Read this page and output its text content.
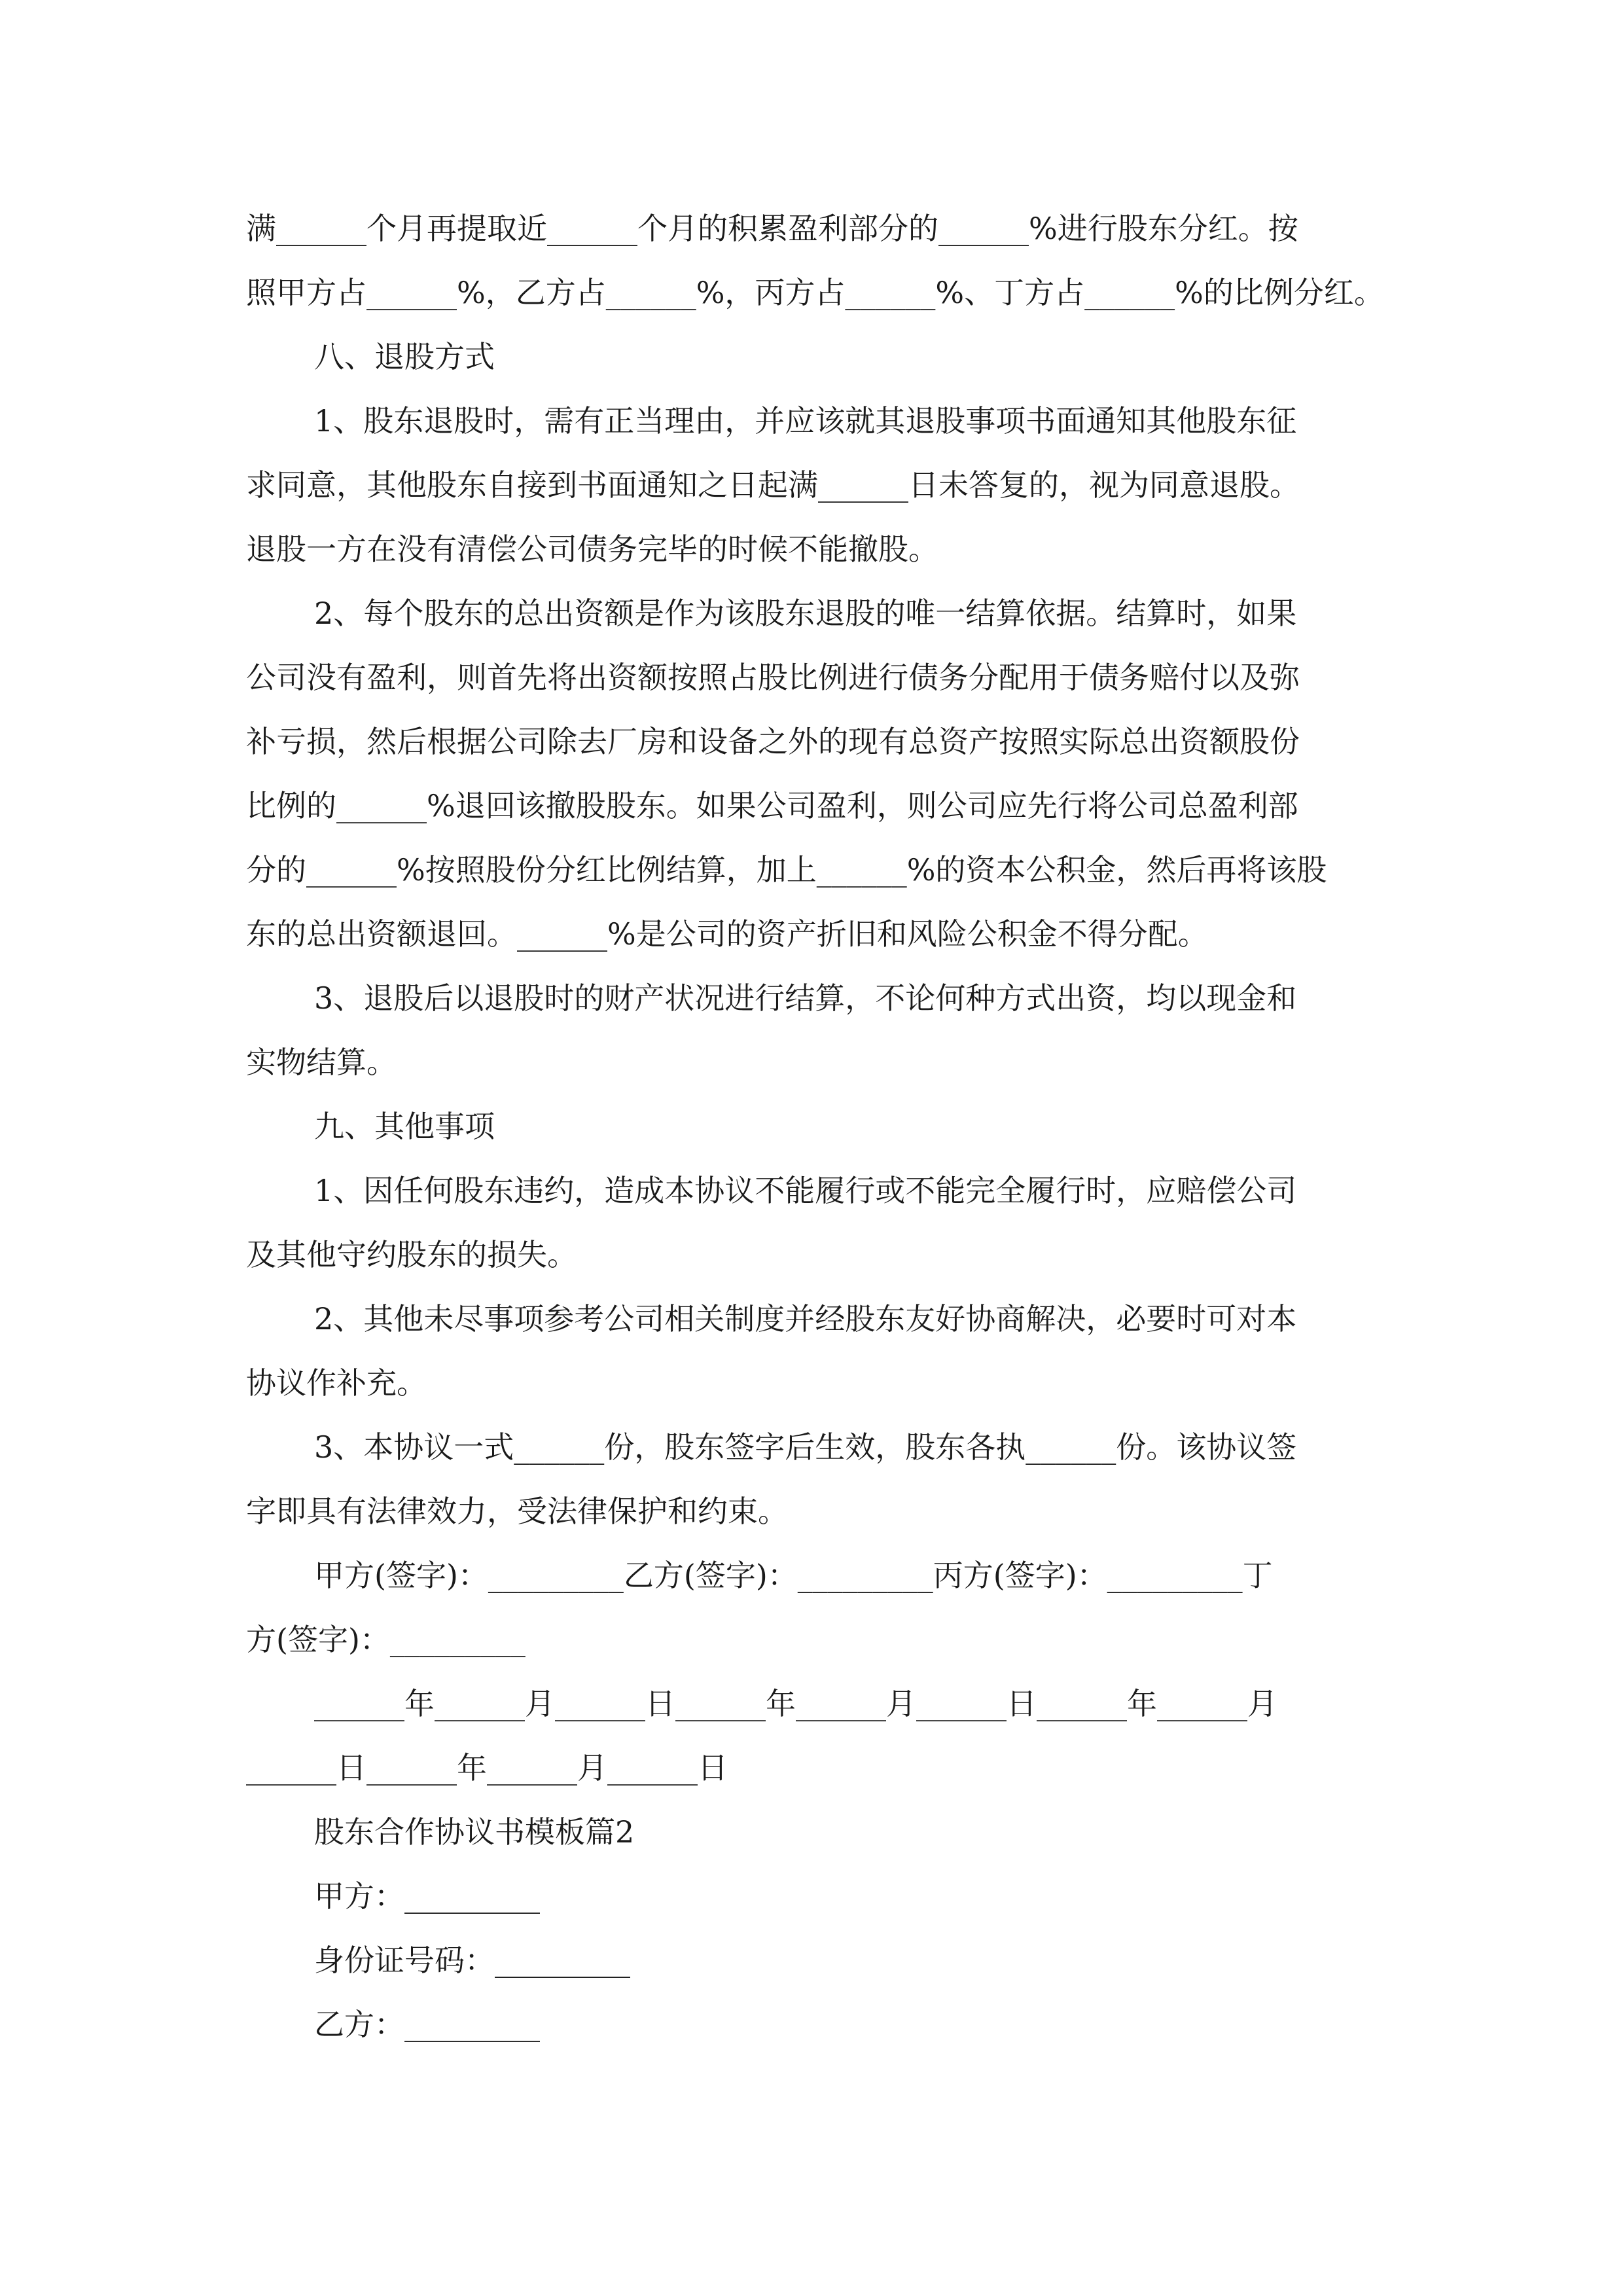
满______个月再提取近______个月的积累盈利部分的______%进行股东分红。按

照甲方占______%，乙方占______%，丙方占______%、丁方占______%的比例分红。

八、退股方式

1、股东退股时，需有正当理由，并应该就其退股事项书面通知其他股东征

求同意，其他股东自接到书面通知之日起满______日未答复的，视为同意退股。

退股一方在没有清偿公司债务完毕的时候不能撤股。

2、每个股东的总出资额是作为该股东退股的唯一结算依据。结算时，如果

公司没有盈利，则首先将出资额按照占股比例进行债务分配用于债务赔付以及弥

补亏损，然后根据公司除去厂房和设备之外的现有总资产按照实际总出资额股份

比例的______%退回该撤股股东。如果公司盈利，则公司应先行将公司总盈利部

分的______%按照股份分红比例结算，加上______%的资本公积金，然后再将该股

东的总出资额退回。______%是公司的资产折旧和风险公积金不得分配。

3、退股后以退股时的财产状况进行结算，不论何种方式出资，均以现金和

实物结算。

九、其他事项

1、因任何股东违约，造成本协议不能履行或不能完全履行时，应赔偿公司

及其他守约股东的损失。

2、其他未尽事项参考公司相关制度并经股东友好协商解决，必要时可对本

协议作补充。

3、本协议一式______份，股东签字后生效，股东各执______份。该协议签

字即具有法律效力，受法律保护和约束。

甲方(签字)：_________乙方(签字)：_________丙方(签字)：_________丁

方(签字)：_________

______年______月______日______年______月______日______年______月

______日______年______月______日

股东合作协议书模板篇2

甲方：_________

身份证号码：_________

乙方：_________
